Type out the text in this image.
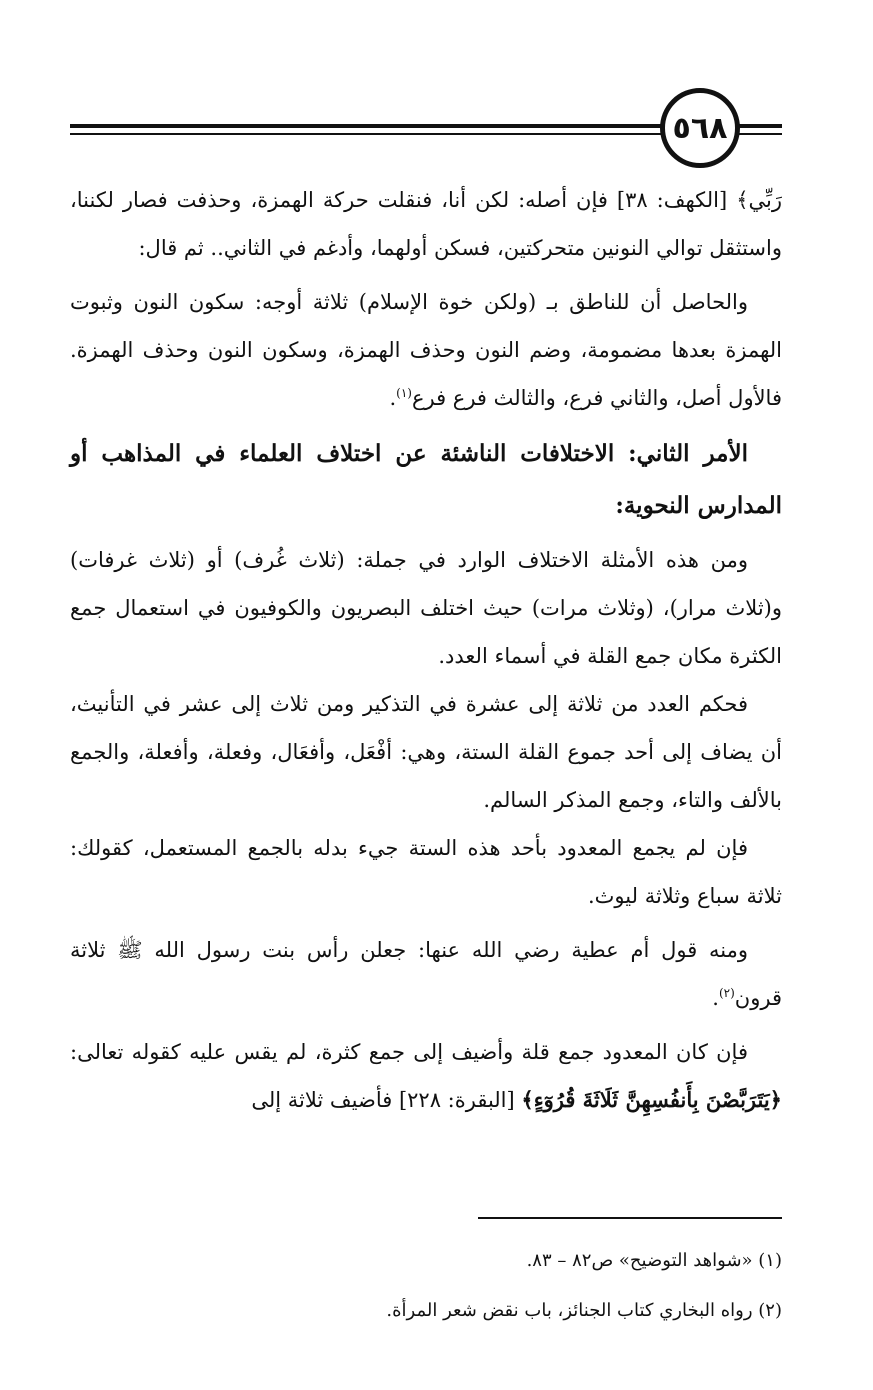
٥٦٨

رَبِّي﴾ [الكهف: ٣٨] فإن أصله: لكن أنا، فنقلت حركة الهمزة، وحذفت فصار لكننا، واستثقل توالي النونين متحركتين، فسكن أولهما، وأدغم في الثاني.. ثم قال:

والحاصل أن للناطق بـ (ولكن خوة الإسلام) ثلاثة أوجه: سكون النون وثبوت الهمزة بعدها مضمومة، وضم النون وحذف الهمزة، وسكون النون وحذف الهمزة. فالأول أصل، والثاني فرع، والثالث فرع فرع$^{(١)}$.

الأمر الثاني: الاختلافات الناشئة عن اختلاف العلماء في المذاهب أو المدارس النحوية:

ومن هذه الأمثلة الاختلاف الوارد في جملة: (ثلاث غُرف) أو (ثلاث غرفات) و(ثلاث مرار)، (وثلاث مرات) حيث اختلف البصريون والكوفيون في استعمال جمع الكثرة مكان جمع القلة في أسماء العدد.

فحكم العدد من ثلاثة إلى عشرة في التذكير ومن ثلاث إلى عشر في التأنيث، أن يضاف إلى أحد جموع القلة الستة، وهي: أفْعَل، وأفعَال، وفعلة، وأفعلة، والجمع بالألف والتاء، وجمع المذكر السالم.

فإن لم يجمع المعدود بأحد هذه الستة جيء بدله بالجمع المستعمل، كقولك: ثلاثة سباع وثلاثة ليوث.

ومنه قول أم عطية رضي الله عنها: جعلن رأس بنت رسول الله ﷺ ثلاثة قرون$^{(٢)}$.

فإن كان المعدود جمع قلة وأضيف إلى جمع كثرة، لم يقس عليه كقوله تعالى: ﴿يَتَرَبَّصْنَ بِأَنفُسِهِنَّ ثَلَاثَةَ قُرُوٓءٍ﴾ [البقرة: ٢٢٨] فأضيف ثلاثة إلى

(١) «شواهد التوضيح» ص٨٢ – ٨٣.

(٢) رواه البخاري كتاب الجنائز، باب نقض شعر المرأة.
